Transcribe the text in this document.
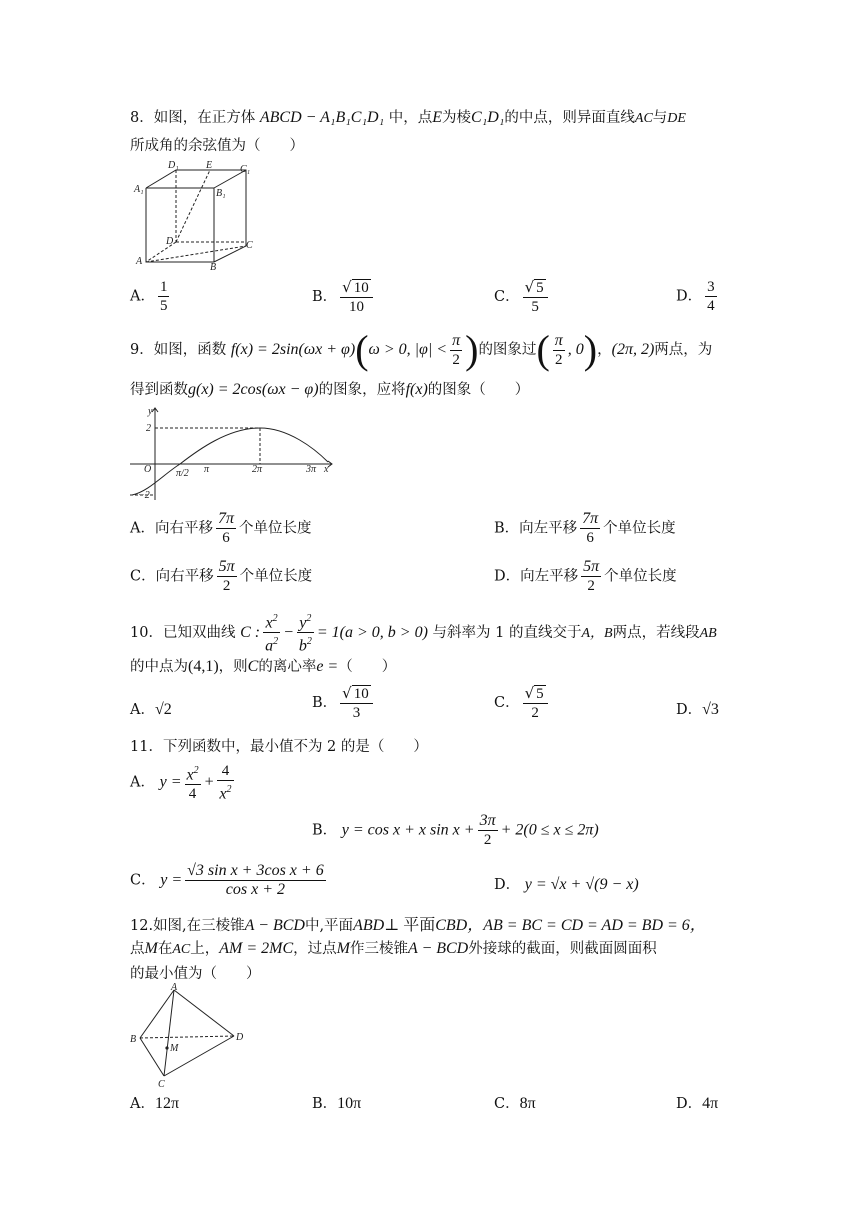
8．如图，在正方体 ABCD − A₁B₁C₁D₁ 中，点E为棱C₁D₁的中点，则异面直线AC与DE
所成角的余弦值为（　　）
D₁	E	C₁
A₁	B₁
D	C
A
B
A． $\frac{1}{5}$	B． $\frac{√ 10}{10}$	C． $\frac{√ 5}{5}$	D． $\frac{3}{4}$
9．如图，函数 f(x) = 2sin(ωx + φ)(ω > 0, $|\varphi| < \frac{\pi}{2}$ )的图象过( $\frac{\pi}{2}$ , 0)，(2π, 2)两点，为
得到函数g(x) = 2cos(ωx − φ)的图象，应将f(x)的图象（　　）
y
x
O
2
−2
π/2 π	2π	3π
A．向右平移 $\frac{7\pi}{6}$ 个单位长度	B．向左平移 $\frac{7\pi}{6}$ 个单位长度
C．向右平移 $\frac{5\pi}{2}$ 个单位长度	D．向左平移 $\frac{5\pi}{2}$ 个单位长度
10．已知双曲线 C : $\frac{x^2}{a^2} - \frac{y^2}{b^2} = 1(a > 0$, b > 0) 与斜率为 1 的直线交于A，B两点，若线段AB
的中点为(4,1)，则C的离心率e =（　　）
A．√2	B． $\frac{√ 10}{3}$	C． $\frac{√ 5}{2}$	D．√3
11．下列函数中，最小值不为 2 的是（　　）
A． $y = \frac{x^2}{4} + \frac{4}{x^2}$
B． y = cos x + x $\sin x + \frac{3\pi}{2} + 2(0 \le x \le 2\pi)$
C． $y = \frac{\text{√3 sin x + 3cos x + 6}}{\text{cos x + 2}}$	D． y = √x + √(9 − x)
12.如图,在三棱锥A − BCD中,平面ABD⊥ 平面CBD，AB = BC = CD = AD = BD = 6，
点M在AC上，AM = 2MC，过点M作三棱锥A − BCD外接球的截面，则截面圆面积
的最小值为（　　）
A
B
M
D
C
A．12π	B．10π	C．8π	D．4π
